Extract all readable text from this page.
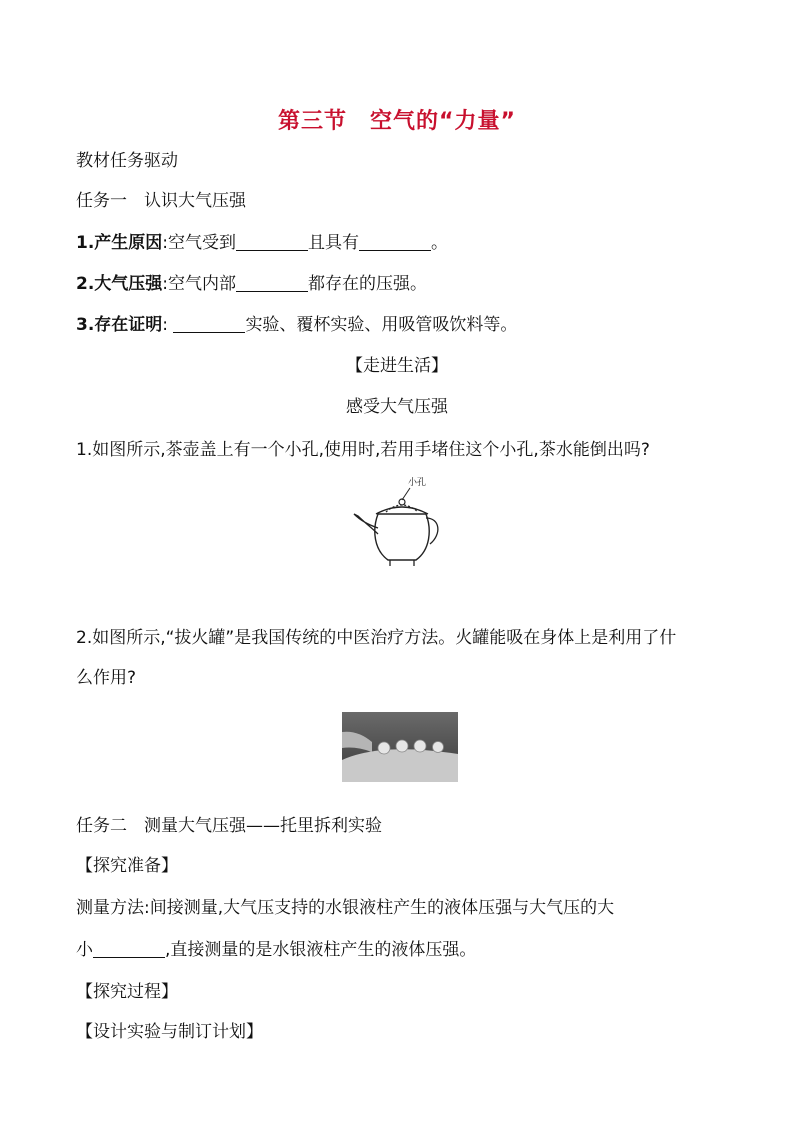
第三节　空气的“力量”
教材任务驱动
任务一　认识大气压强
1.产生原因:空气受到	且具有	。
2.大气压强:空气内部	都存在的压强。
3.存在证明:	实验、覆杯实验、用吸管吸饮料等。
【走进生活】
感受大气压强
1.如图所示,茶壶盖上有一个小孔,使用时,若用手堵住这个小孔,茶水能倒出吗?
小孔
2.如图所示,“拔火罐”是我国传统的中医治疗方法。火罐能吸在身体上是利用了什
么作用?
任务二　测量大气压强——托里拆利实验
【探究准备】
测量方法:间接测量,大气压支持的水银液柱产生的液体压强与大气压的大
小	,直接测量的是水银液柱产生的液体压强。
【探究过程】
【设计实验与制订计划】
